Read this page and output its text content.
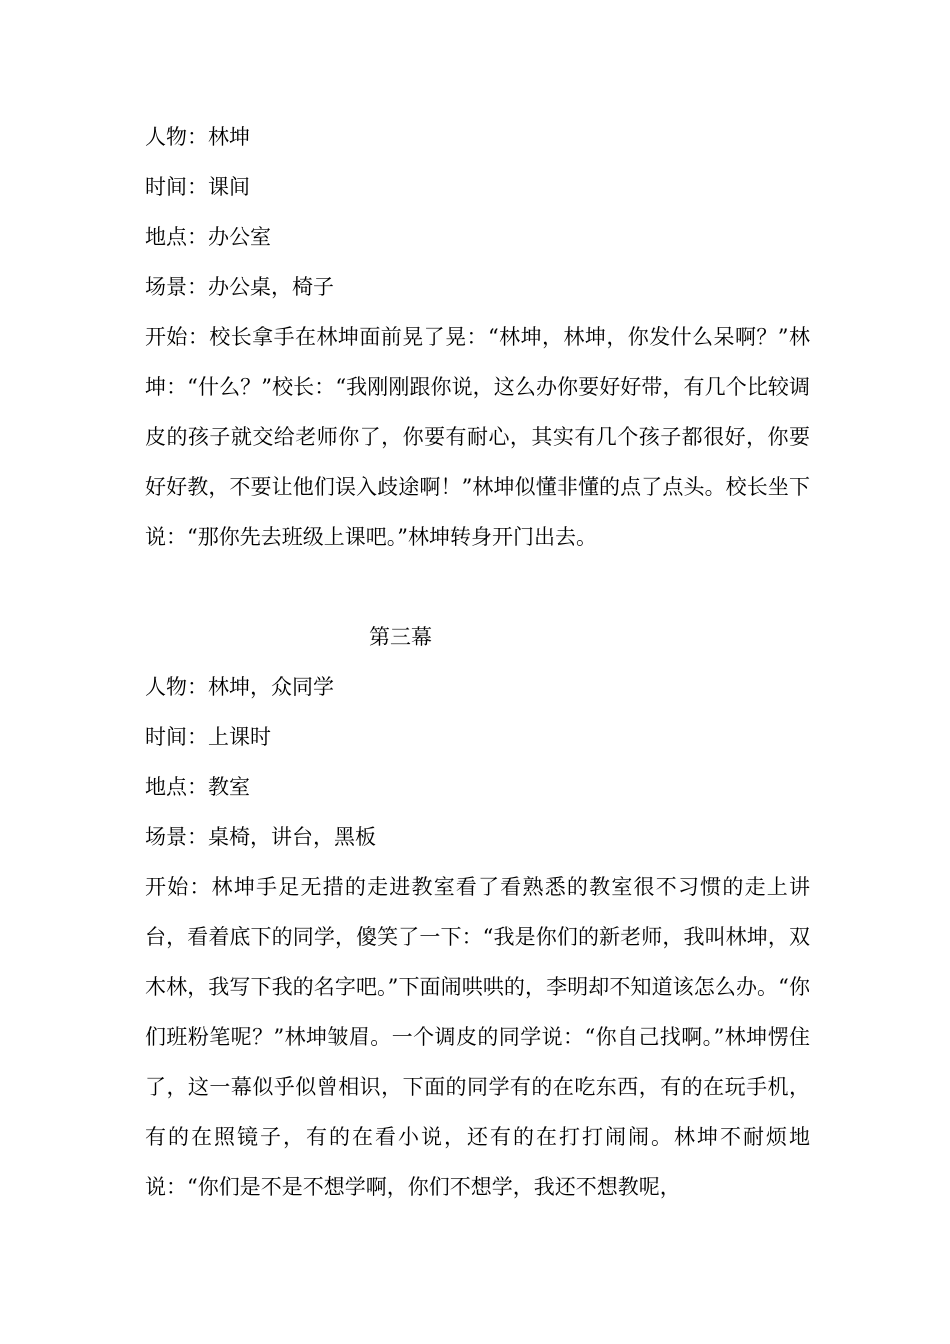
人物：林坤

时间：课间

地点：办公室

场景：办公桌，椅子

开始：校长拿手在林坤面前晃了晃：“林坤，林坤，你发什么呆啊？”林坤：“什么？”校长：“我刚刚跟你说，这么办你要好好带，有几个比较调皮的孩子就交给老师你了，你要有耐心，其实有几个孩子都很好，你要好好教，不要让他们误入歧途啊！”林坤似懂非懂的点了点头。校长坐下说：“那你先去班级上课吧。”林坤转身开门出去。

第三幕

人物：林坤，众同学

时间：上课时

地点：教室

场景：桌椅，讲台，黑板

开始：林坤手足无措的走进教室看了看熟悉的教室很不习惯的走上讲台，看着底下的同学，傻笑了一下：“我是你们的新老师，我叫林坤，双木林，我写下我的名字吧。”下面闹哄哄的，李明却不知道该怎么办。“你们班粉笔呢？”林坤皱眉。一个调皮的同学说：“你自己找啊。”林坤愣住了，这一幕似乎似曾相识，下面的同学有的在吃东西，有的在玩手机，有的在照镜子，有的在看小说，还有的在打打闹闹。林坤不耐烦地说：“你们是不是不想学啊，你们不想学，我还不想教呢，
